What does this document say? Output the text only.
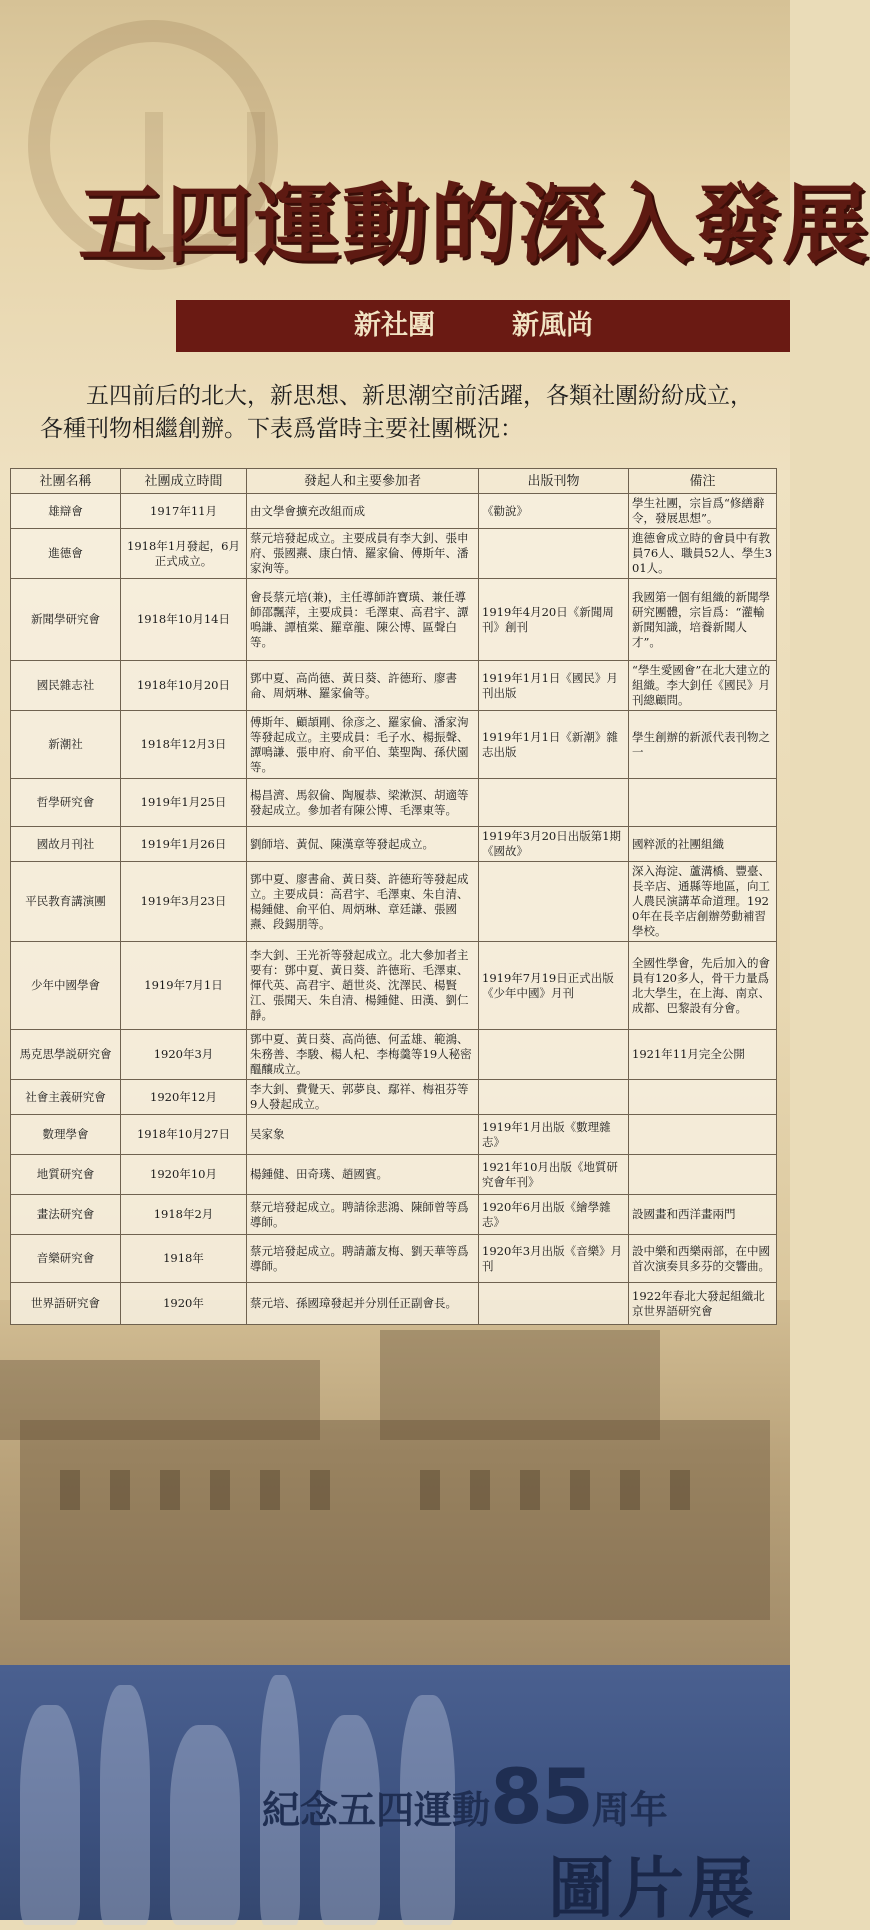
五四運動的深入發展
新社團	新風尚

五四前后的北大，新思想、新思潮空前活躍，各類社團紛紛成立，各種刊物相繼創辦。下表爲當時主要社團概況：

社團名稱	社團成立時間	發起人和主要參加者	出版刊物	備注
雄辯會	1917年11月	由文學會擴充改組而成	《勸說》	學生社團，宗旨爲“修繕辭令，發展思想”。
進德會	1918年1月發起，6月正式成立。	蔡元培發起成立。主要成員有李大釗、張申府、張國燾、康白情、羅家倫、傅斯年、潘家洵等。		進德會成立時的會員中有教員76人、職員52人、學生301人。
新聞學研究會	1918年10月14日	會長蔡元培(兼)，主任導師許寶璜、兼任導師邵飄萍，主要成員：毛澤東、高君宇、譚鳴謙、譚植棠、羅章龍、陳公博、區聲白等。	1919年4月20日《新聞周刊》創刊	我國第一個有組織的新聞學研究團體，宗旨爲：“灌輸新聞知識，培養新聞人才”。
國民雜志社	1918年10月20日	鄧中夏、高尚德、黃日葵、許德珩、廖書侖、周炳琳、羅家倫等。	1919年1月1日《國民》月刊出版	“學生愛國會”在北大建立的組織。李大釗任《國民》月刊總顧問。
新潮社	1918年12月3日	傅斯年、顧頡剛、徐彦之、羅家倫、潘家洵等發起成立。主要成員：毛子水、楊振聲、譚鳴謙、張申府、俞平伯、葉聖陶、孫伏園等。	1919年1月1日《新潮》雜志出版	學生創辦的新派代表刊物之一
哲學研究會	1919年1月25日	楊昌濟、馬叙倫、陶履恭、梁漱溟、胡適等發起成立。參加者有陳公博、毛澤東等。		
國故月刊社	1919年1月26日	劉師培、黃侃、陳漢章等發起成立。	1919年3月20日出版第1期《國故》	國粹派的社團組織
平民教育講演團	1919年3月23日	鄧中夏、廖書侖、黃日葵、許德珩等發起成立。主要成員：高君宇、毛澤東、朱自清、楊鍾健、俞平伯、周炳琳、章廷謙、張國燾、段錫朋等。		深入海淀、蘆溝橋、豐臺、長辛店、通縣等地區，向工人農民演講革命道理。1920年在長辛店創辦勞動補習學校。
少年中國學會	1919年7月1日	李大釗、王光祈等發起成立。北大參加者主要有：鄧中夏、黃日葵、許德珩、毛澤東、惲代英、高君宇、趙世炎、沈澤民、楊賢江、張聞天、朱自清、楊鍾健、田漢、劉仁靜。	1919年7月19日正式出版《少年中國》月刊	全國性學會，先后加入的會員有120多人，骨干力量爲北大學生，在上海、南京、成都、巴黎設有分會。
馬克思學説研究會	1920年3月	鄧中夏、黃日葵、高尚德、何孟雄、範鴻、朱務善、李駿、楊人杞、李梅羹等19人秘密醞釀成立。		1921年11月完全公開
社會主義研究會	1920年12月	李大釗、費覺天、郭夢良、鄢祥、梅祖芬等9人發起成立。		
數理學會	1918年10月27日	吴家象	1919年1月出版《數理雜志》	
地質研究會	1920年10月	楊鍾健、田奇璓、趙國賓。	1921年10月出版《地質研究會年刊》	
畫法研究會	1918年2月	蔡元培發起成立。聘請徐悲鴻、陳師曾等爲導師。	1920年6月出版《繪學雜志》	設國畫和西洋畫兩門
音樂研究會	1918年	蔡元培發起成立。聘請蕭友梅、劉天華等爲導師。	1920年3月出版《音樂》月刊	設中樂和西樂兩部，在中國首次演奏貝多芬的交響曲。
世界語研究會	1920年	蔡元培、孫國璋發起并分別任正副會長。		1922年春北大發起組織北京世界語研究會
紀念五四運動85周年
圖片展
